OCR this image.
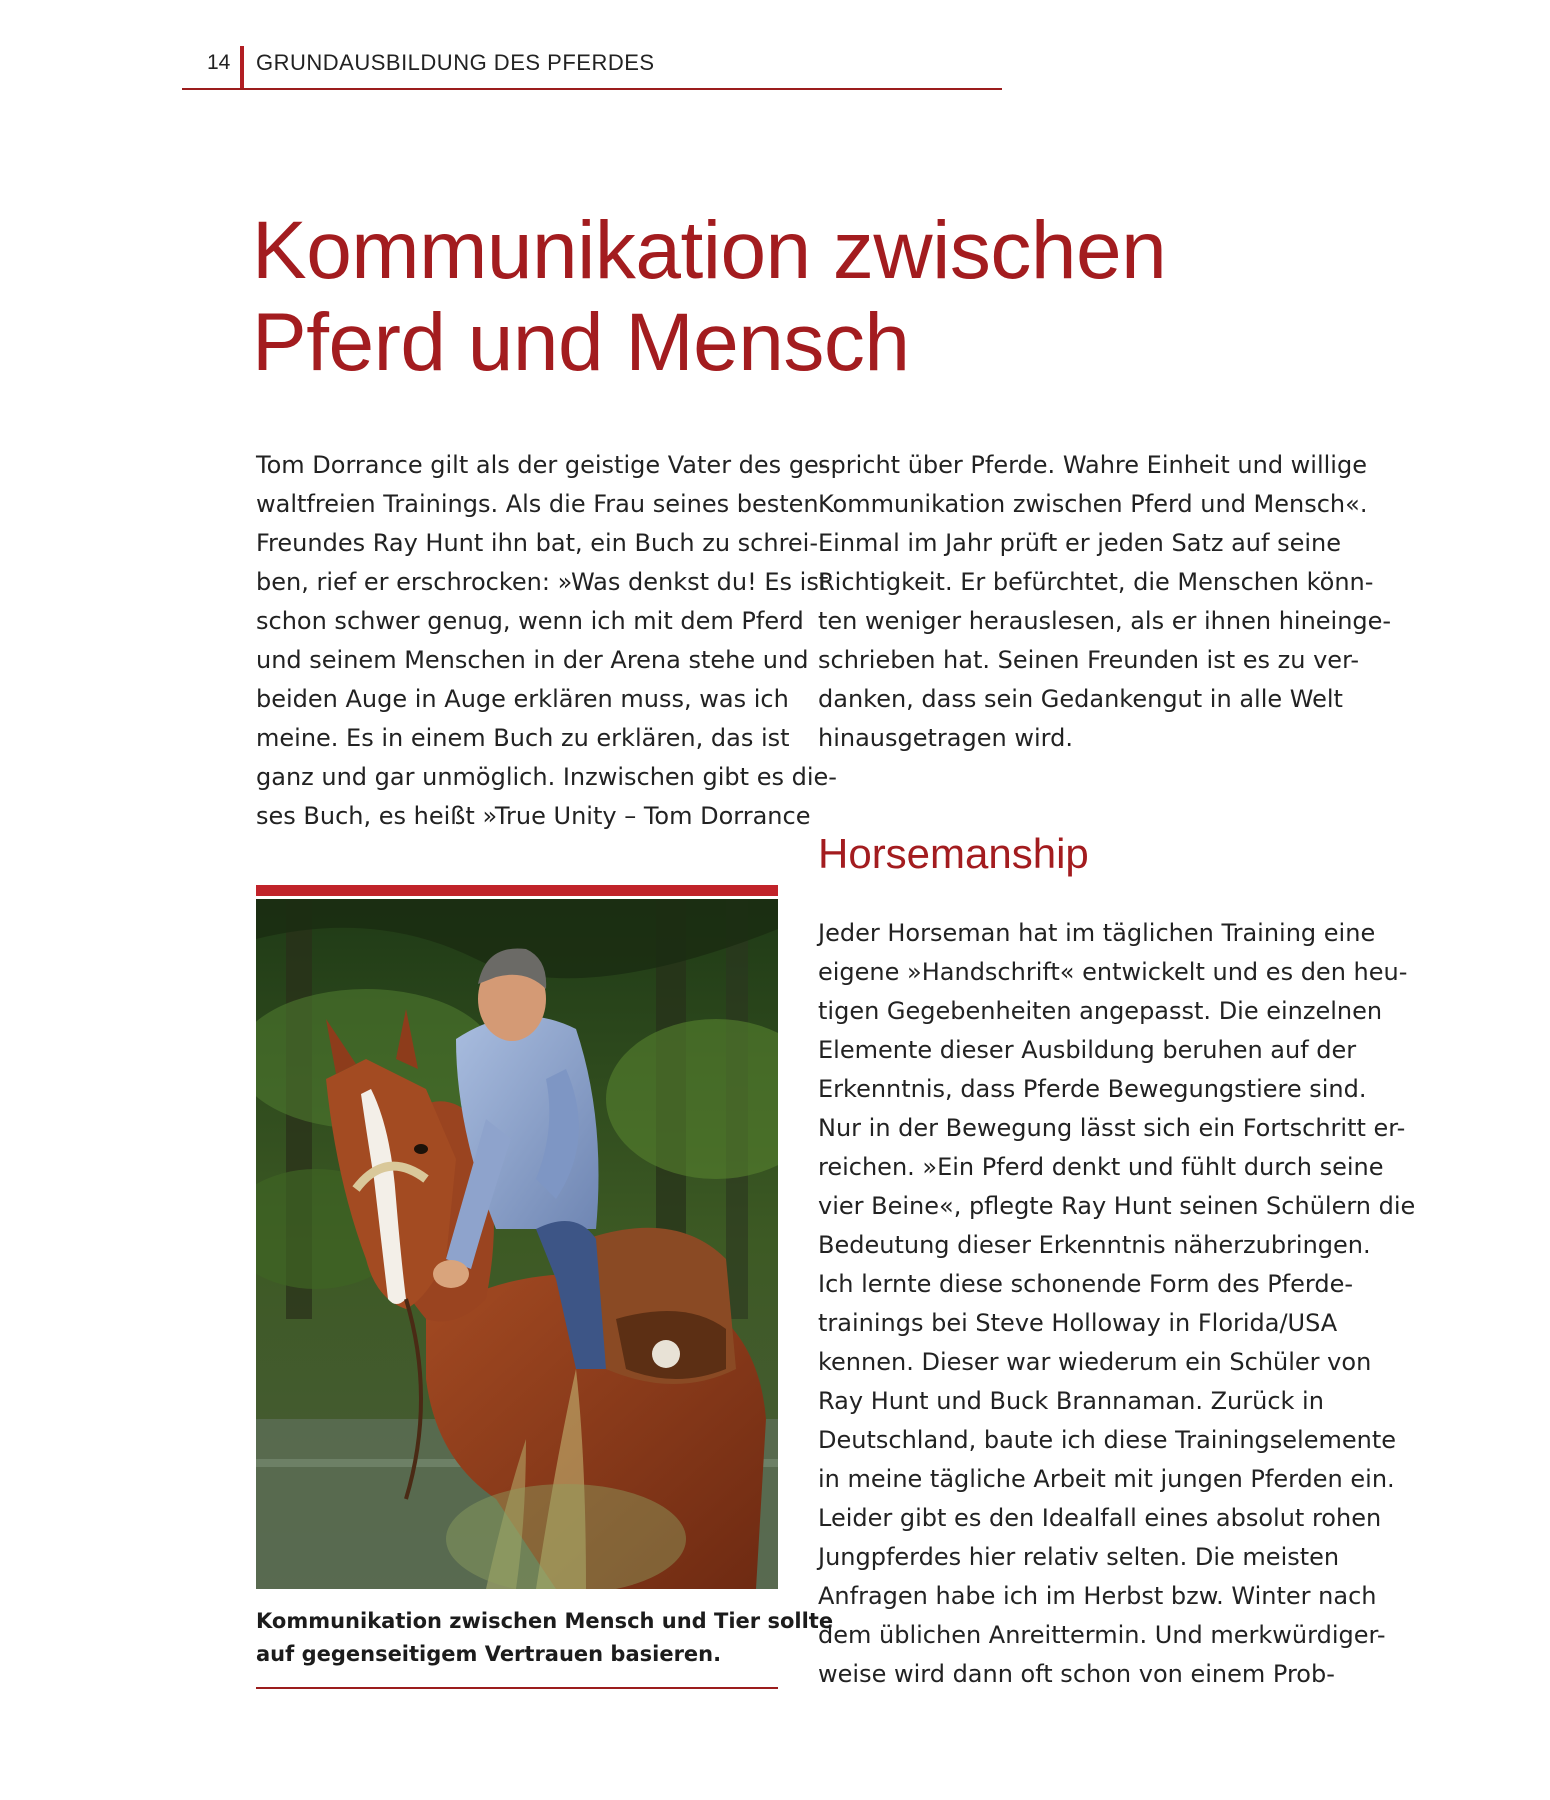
14 GRUNDAUSBILDUNG DES PFERDES
Kommunikation zwischen
Pferd und Mensch

Tom Dorrance gilt als der geistige Vater des ge-
waltfreien Trainings. Als die Frau seines besten
Freundes Ray Hunt ihn bat, ein Buch zu schrei-
ben, rief er erschrocken: »Was denkst du! Es ist
schon schwer genug, wenn ich mit dem Pferd
und seinem Menschen in der Arena stehe und
beiden Auge in Auge erklären muss, was ich
meine. Es in einem Buch zu erklären, das ist
ganz und gar unmöglich. Inzwischen gibt es die-
ses Buch, es heißt »True Unity – Tom Dorrance

Kommunikation zwischen Mensch und Tier sollte
auf gegenseitigem Vertrauen basieren.

spricht über Pferde. Wahre Einheit und willige
Kommunikation zwischen Pferd und Mensch«.
Einmal im Jahr prüft er jeden Satz auf seine
Richtigkeit. Er befürchtet, die Menschen könn-
ten weniger herauslesen, als er ihnen hineinge-
schrieben hat. Seinen Freunden ist es zu ver-
danken, dass sein Gedankengut in alle Welt
hinausgetragen wird.

Horsemanship

Jeder Horseman hat im täglichen Training eine
eigene »Handschrift« entwickelt und es den heu-
tigen Gegebenheiten angepasst. Die einzelnen
Elemente dieser Ausbildung beruhen auf der
Erkenntnis, dass Pferde Bewegungstiere sind.
Nur in der Bewegung lässt sich ein Fortschritt er-
reichen. »Ein Pferd denkt und fühlt durch seine
vier Beine«, pflegte Ray Hunt seinen Schülern die
Bedeutung dieser Erkenntnis näherzubringen.
Ich lernte diese schonende Form des Pferde-
trainings bei Steve Holloway in Florida/USA
kennen. Dieser war wiederum ein Schüler von
Ray Hunt und Buck Brannaman. Zurück in
Deutschland, baute ich diese Trainingselemente
in meine tägliche Arbeit mit jungen Pferden ein.
Leider gibt es den Idealfall eines absolut rohen
Jungpferdes hier relativ selten. Die meisten
Anfragen habe ich im Herbst bzw. Winter nach
dem üblichen Anreittermin. Und merkwürdiger-
weise wird dann oft schon von einem Prob-
